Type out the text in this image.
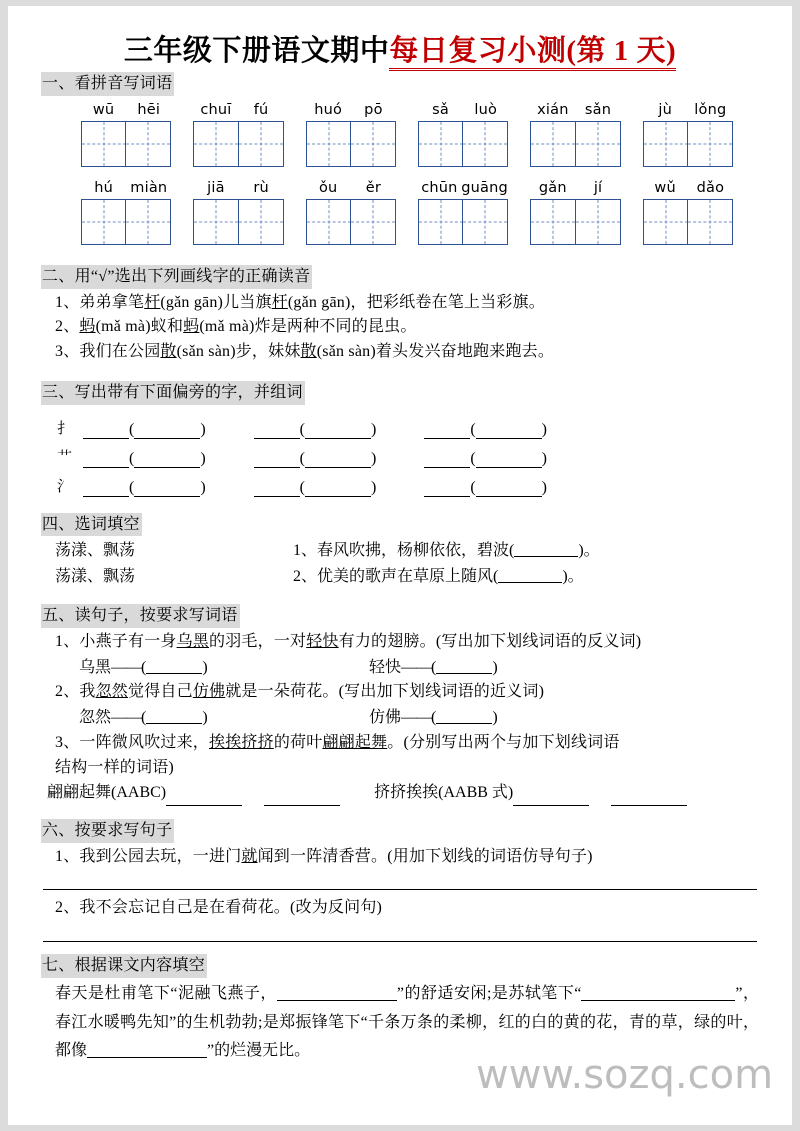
三年级下册语文期中每日复习小测(第 1 天)
一、看拼音写词语
wū	hēi	chuī	fú	huó	pō	sǎ	luò	xián	sǎn	jù	lǒng
hú	miàn	jiā	rù	ǒu	ěr	chūn guāng	gǎn	jí	wǔ	dǎo
二、用“√”选出下列画线字的正确读音
1、弟弟拿笔杆(gǎn gān)儿当旗杆(gǎn gān)，把彩纸卷在笔上当彩旗。
2、蚂(mǎ mà)蚁和蚂(mǎ mà)炸是两种不同的昆虫。
3、我们在公园散(sǎn sàn)步，妹妹散(sǎn sàn)着头发兴奋地跑来跑去。
三、写出带有下面偏旁的字，并组词
扌	(	)	(	)	(	)
艹	(	)	(	)	(	)
氵	(	)	(	)	(	)
四、选词填空
荡漾、飘荡	1、春风吹拂，杨柳依依，碧波(	)。
荡漾、飘荡	2、优美的歌声在草原上随风(	)。
五、读句子，按要求写词语
1、小燕子有一身乌黑的羽毛，一对轻快有力的翅膀。(写出加下划线词语的反义词)
乌黑——(	)	轻快——(	)
2、我忽然觉得自己仿佛就是一朵荷花。(写出加下划线词语的近义词)
忽然——(	)	仿佛——(	)
3、一阵微风吹过来，挨挨挤挤的荷叶翩翩起舞。(分别写出两个与加下划线词语
结构一样的词语)
翩翩起舞(AABC)	挤挤挨挨(AABB 式)
六、按要求写句子
1、我到公园去玩，一进门就闻到一阵清香营。(用加下划线的词语仿导句子)
2、我不会忘记自己是在看荷花。(改为反问句)
七、根据课文内容填空
春天是杜甫笔下“泥融飞燕子，	”的舒适安闲;是苏轼笔下“	”，春江水暖鸭先知”的生机勃勃;是郑振锋笔下“千条万条的柔柳，红的白的黄的花，青的草，绿的叶，都像	”的烂漫无比。
www.sozq.com
